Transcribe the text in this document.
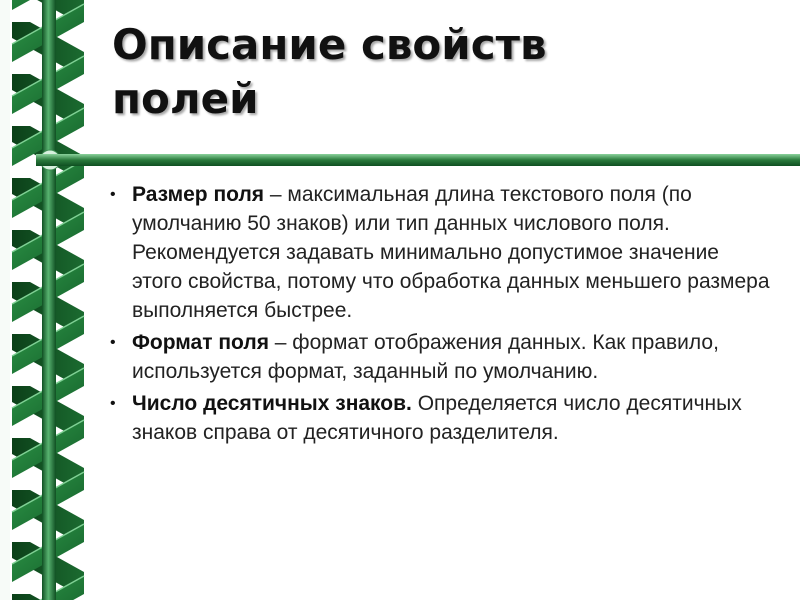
Описание свойств
полей
• Размер поля – максимальная длина текстового поля (по умолчанию 50 знаков) или тип данных числового поля. Рекомендуется задавать минимально допустимое значение этого свойства, потому что обработка данных меньшего размера выполняется быстрее.
• Формат поля – формат отображения данных. Как правило, используется формат, заданный по умолчанию.
• Число десятичных знаков. Определяется число десятичных знаков справа от десятичного разделителя.
